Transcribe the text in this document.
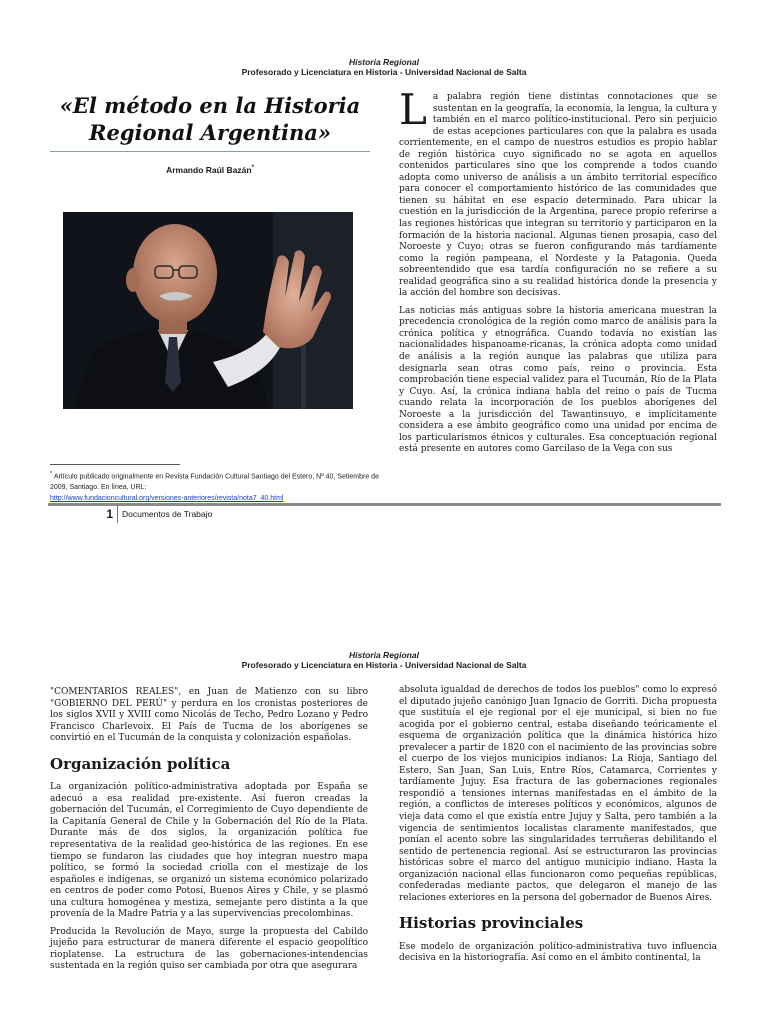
Historia Regional
Profesorado y Licenciatura en Historia - Universidad Nacional de Salta
«El método en la Historia
Regional Argentina»
Armando Raúl Bazán*
* Artículo publicado originalmente en Revista Fundación Cultural Santiago del Estero, Nº 40, Setiembre de 2009, Santiago. En línea, URL:
http://www.fundacioncultural.org/versiones-anteriores/revista/nota7_40.html

La palabra región tiene distintas connotaciones que se sustentan en la geografía, la economía, la lengua, la cultura y también en el marco político-institucional. Pero sin perjuicio de estas acepciones particulares con que la palabra es usada corrientemente, en el campo de nuestros estudios es propio hablar de región histórica cuyo significado no se agota en aquellos contenidos particulares sino que los comprende a todos cuando adopta como universo de análisis a un ámbito territorial específico para conocer el comportamiento histórico de las comunidades que tienen su hábitat en ese espacio determinado. Para ubicar la cuestión en la jurisdicción de la Argentina, parece propio referirse a las regiones históricas que integran su territorio y participaron en la formación de la historia nacional. Algunas tienen prosapia, caso del Noroeste y Cuyo; otras se fueron configurando más tardíamente como la región pampeana, el Nordeste y la Patagonia. Queda sobreentendido que esa tardía configuración no se refiere a su realidad geográfica sino a su realidad histórica donde la presencia y la acción del hombre son decisivas.

Las noticias más antiguas sobre la historia americana muestran la precedencia cronológica de la región como marco de análisis para la crónica política y etnográfica. Cuando todavía no existían las nacionalidades hispanoame-ricanas, la crónica adopta como unidad de análisis a la región aunque las palabras que utiliza para designarla sean otras como país, reino o provincia. Esta comprobación tiene especial validez para el Tucumán, Río de la Plata y Cuyo. Así, la crónica indiana habla del reino o país de Tucma cuando relata la incorporación de los pueblos aborígenes del Noroeste a la jurisdicción del Tawantinsuyo, e implícitamente considera a ese ámbito geográfico como una unidad por encima de los particularismos étnicos y culturales. Esa conceptuación regional está presente en autores como Garcilaso de la Vega con sus

1 Documentos de Trabajo
Historia Regional
Profesorado y Licenciatura en Historia - Universidad Nacional de Salta

"COMENTARIOS REALES", en Juan de Matienzo con su libro "GOBIERNO DEL PERÚ" y perdura en los cronistas posteriores de los siglos XVII y XVIII como Nicolás de Techo, Pedro Lozano y Pedro Francisco Charlevoix. El País de Tucma de los aborígenes se convirtió en el Tucumán de la conquista y colonización españolas.

Organización política

La organización político-administrativa adoptada por España se adecuó a esa realidad pre-existente. Así fueron creadas la gobernación del Tucumán, el Corregimiento de Cuyo dependiente de la Capitanía General de Chile y la Gobernación del Río de la Plata. Durante más de dos siglos, la organización política fue representativa de la realidad geo-histórica de las regiones. En ese tiempo se fundaron las ciudades que hoy integran nuestro mapa político, se formó la sociedad criolla con el mestizaje de los españoles e indígenas, se organizó un sistema económico polarizado en centros de poder como Potosí, Buenos Aires y Chile, y se plasmó una cultura homogénea y mestiza, semejante pero distinta a la que provenía de la Madre Patria y a las supervivencias precolombinas.

Producida la Revolución de Mayo, surge la propuesta del Cabildo jujeño para estructurar de manera diferente el espacio geopolítico rioplatense. La estructura de las gobernaciones-intendencias sustentada en la región quiso ser cambiada por otra que asegurara

absoluta igualdad de derechos de todos los pueblos" como lo expresó el diputado jujeño canónigo Juan Ignacio de Gorriti. Dicha propuesta que sustituía el eje regional por el eje municipal, si bien no fue acogida por el gobierno central, estaba diseñando teóricamente el esquema de organización política que la dinámica histórica hizo prevalecer a partir de 1820 con el nacimiento de las provincias sobre el cuerpo de los viejos municipios indianos: La Rioja, Santiago del Estero, San Juan, San Luis, Entre Ríos, Catamarca, Corrientes y tardíamente Jujuy. Esa fractura de las gobernaciones regionales respondió a tensiones internas manifestadas en el ámbito de la región, a conflictos de intereses políticos y económicos, algunos de vieja data como el que existía entre Jujuy y Salta, pero también a la vigencia de sentimientos localistas claramente manifestados, que ponían el acento sobre las singularidades terruñeras debilitando el sentido de pertenencia regional. Así se estructuraron las provincias históricas sobre el marco del antiguo municipio indiano. Hasta la organización nacional ellas funcionaron como pequeñas repúblicas, confederadas mediante pactos, que delegaron el manejo de las relaciones exteriores en la persona del gobernador de Buenos Aires.

Historias provinciales

Ese modelo de organización político-administrativa tuvo influencia decisiva en la historiografía. Así como en el ámbito continental, la
